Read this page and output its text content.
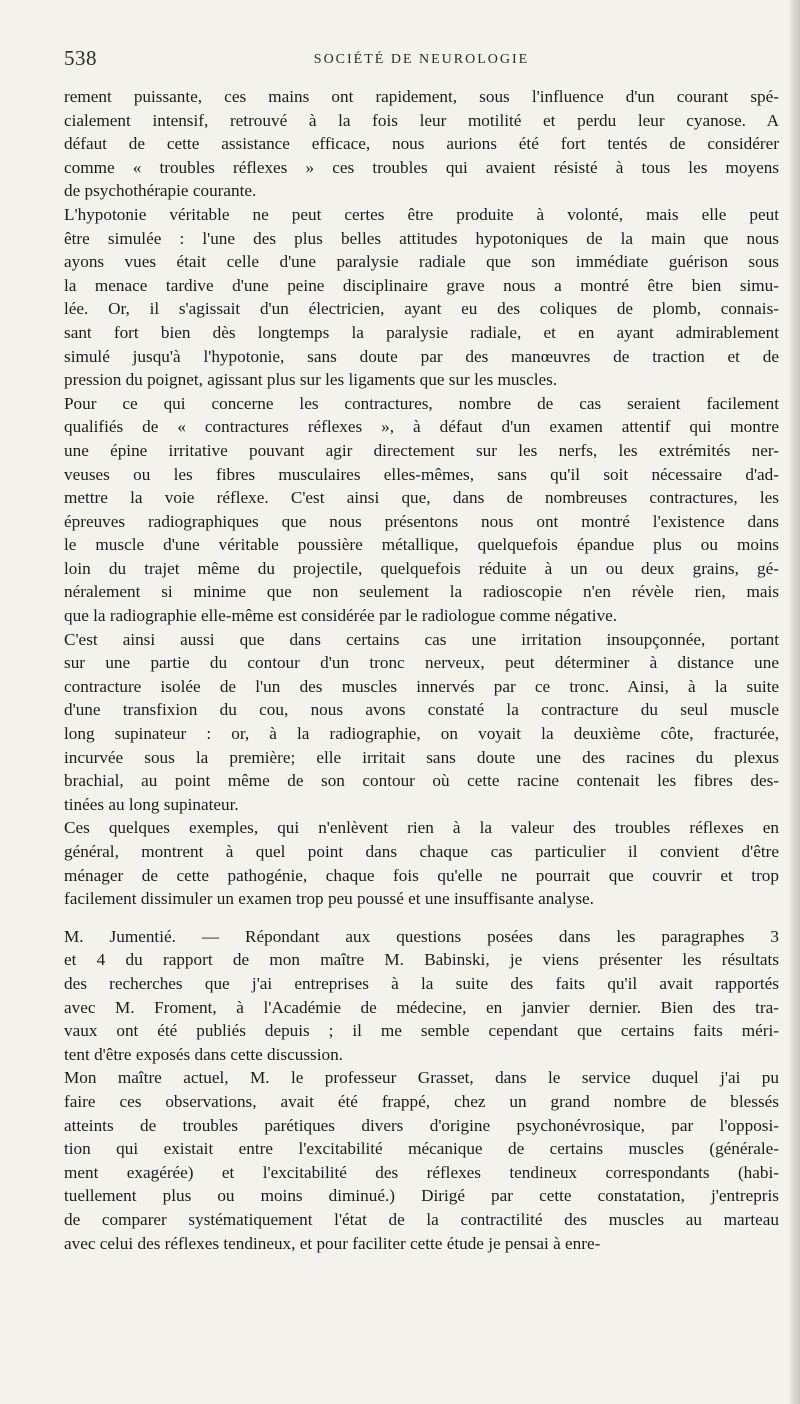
538	SOCIÉTÉ DE NEUROLOGIE
rement puissante, ces mains ont rapidement, sous l'influence d'un courant spé-
cialement intensif, retrouvé à la fois leur motilité et perdu leur cyanose. A
défaut de cette assistance efficace, nous aurions été fort tentés de considérer
comme « troubles réflexes » ces troubles qui avaient résisté à tous les moyens
de psychothérapie courante.
L'hypotonie véritable ne peut certes être produite à volonté, mais elle peut
être simulée : l'une des plus belles attitudes hypotoniques de la main que nous
ayons vues était celle d'une paralysie radiale que son immédiate guérison sous
la menace tardive d'une peine disciplinaire grave nous a montré être bien simu-
lée. Or, il s'agissait d'un électricien, ayant eu des coliques de plomb, connais-
sant fort bien dès longtemps la paralysie radiale, et en ayant admirablement
simulé jusqu'à l'hypotonie, sans doute par des manœuvres de traction et de
pression du poignet, agissant plus sur les ligaments que sur les muscles.
Pour ce qui concerne les contractures, nombre de cas seraient facilement
qualifiés de « contractures réflexes », à défaut d'un examen attentif qui montre
une épine irritative pouvant agir directement sur les nerfs, les extrémités ner-
veuses ou les fibres musculaires elles-mêmes, sans qu'il soit nécessaire d'ad-
mettre la voie réflexe. C'est ainsi que, dans de nombreuses contractures, les
épreuves radiographiques que nous présentons nous ont montré l'existence dans
le muscle d'une véritable poussière métallique, quelquefois épandue plus ou moins
loin du trajet même du projectile, quelquefois réduite à un ou deux grains, gé-
néralement si minime que non seulement la radioscopie n'en révèle rien, mais
que la radiographie elle-même est considérée par le radiologue comme négative.
C'est ainsi aussi que dans certains cas une irritation insoupçonnée, portant
sur une partie du contour d'un tronc nerveux, peut déterminer à distance une
contracture isolée de l'un des muscles innervés par ce tronc. Ainsi, à la suite
d'une transfixion du cou, nous avons constaté la contracture du seul muscle
long supinateur : or, à la radiographie, on voyait la deuxième côte, fracturée,
incurvée sous la première; elle irritait sans doute une des racines du plexus
brachial, au point même de son contour où cette racine contenait les fibres des-
tinées au long supinateur.
Ces quelques exemples, qui n'enlèvent rien à la valeur des troubles réflexes en
général, montrent à quel point dans chaque cas particulier il convient d'être
ménager de cette pathogénie, chaque fois qu'elle ne pourrait que couvrir et trop
facilement dissimuler un examen trop peu poussé et une insuffisante analyse.
M. Jumentié. — Répondant aux questions posées dans les paragraphes 3
et 4 du rapport de mon maître M. Babinski, je viens présenter les résultats
des recherches que j'ai entreprises à la suite des faits qu'il avait rapportés
avec M. Froment, à l'Académie de médecine, en janvier dernier. Bien des tra-
vaux ont été publiés depuis ; il me semble cependant que certains faits méri-
tent d'être exposés dans cette discussion.
Mon maître actuel, M. le professeur Grasset, dans le service duquel j'ai pu
faire ces observations, avait été frappé, chez un grand nombre de blessés
atteints de troubles parétiques divers d'origine psychonévrosique, par l'opposi-
tion qui existait entre l'excitabilité mécanique de certains muscles (générale-
ment exagérée) et l'excitabilité des réflexes tendineux correspondants (habi-
tuellement plus ou moins diminué.) Dirigé par cette constatation, j'entrepris
de comparer systématiquement l'état de la contractilité des muscles au marteau
avec celui des réflexes tendineux, et pour faciliter cette étude je pensai à enre-
